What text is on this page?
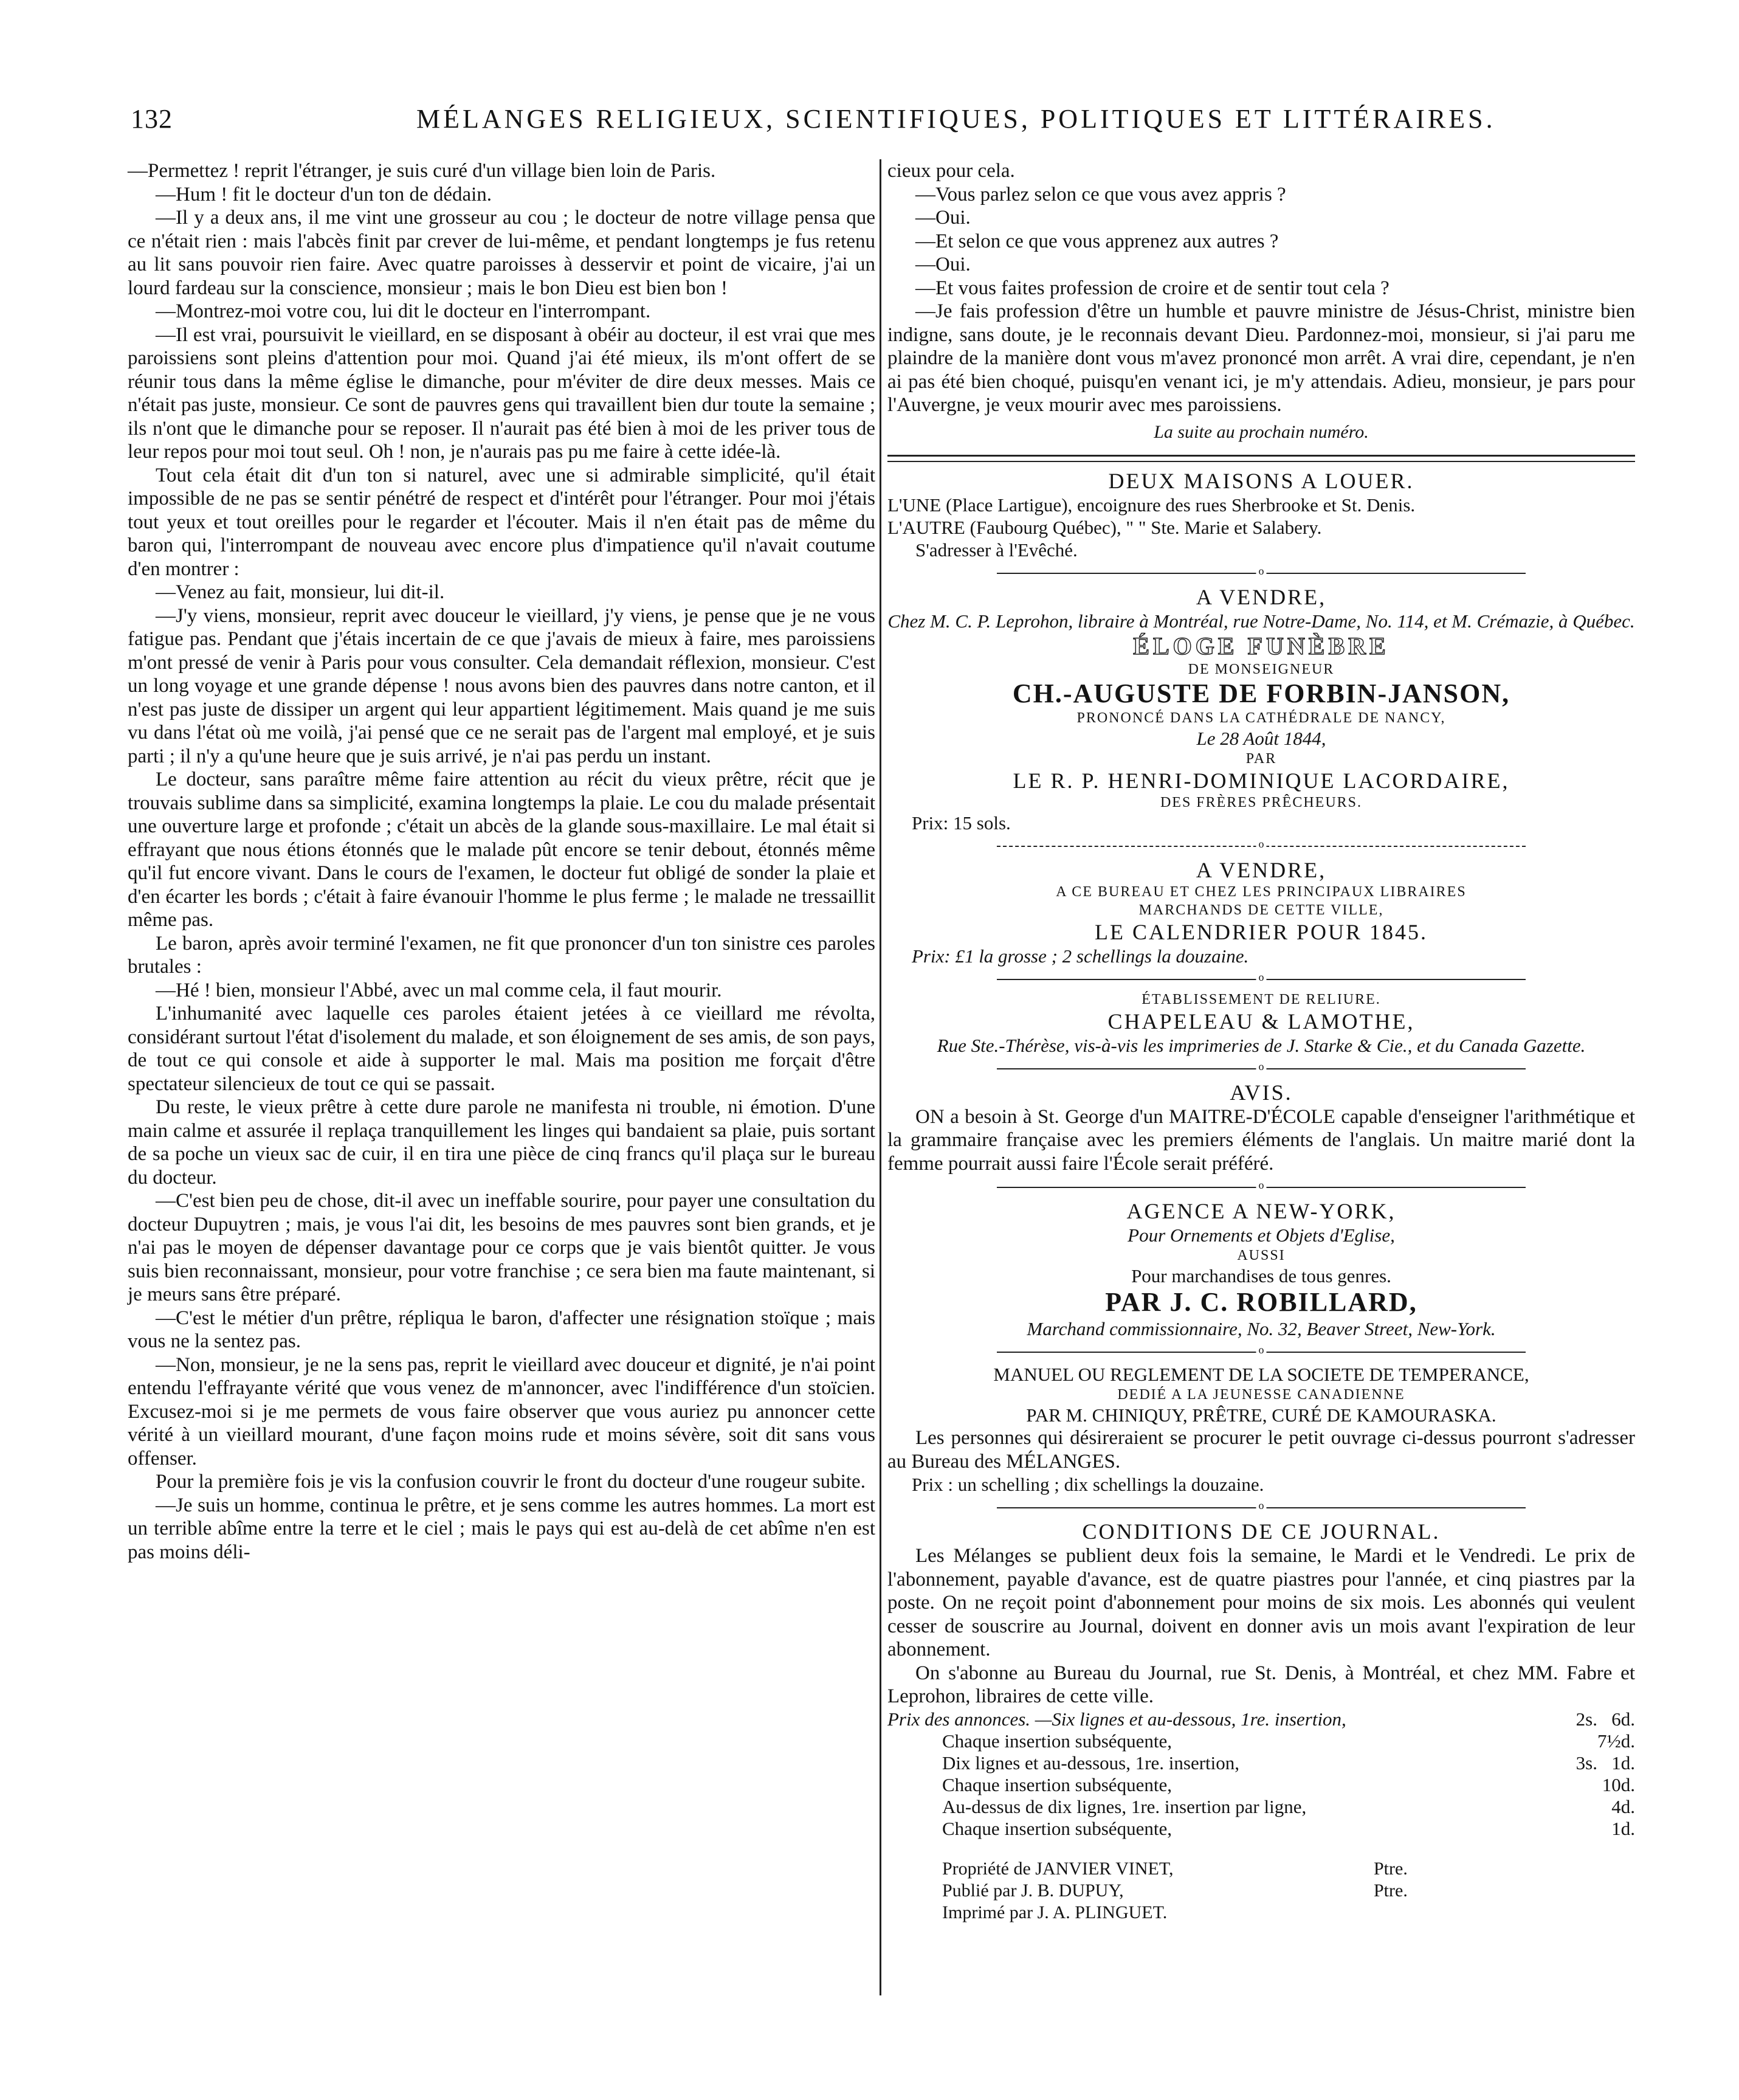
132	MÉLANGES RELIGIEUX, SCIENTIFIQUES, POLITIQUES ET LITTÉRAIRES.

—Permettez ! reprit l'étranger, je suis curé d'un village bien loin de Paris.

—Hum ! fit le docteur d'un ton de dédain.

—Il y a deux ans, il me vint une grosseur au cou ; le docteur de notre village pensa que ce n'était rien : mais l'abcès finit par crever de lui-même, et pendant longtemps je fus retenu au lit sans pouvoir rien faire. Avec quatre paroisses à desservir et point de vicaire, j'ai un lourd fardeau sur la conscience, monsieur ; mais le bon Dieu est bien bon !

—Montrez-moi votre cou, lui dit le docteur en l'interrompant.

—Il est vrai, poursuivit le vieillard, en se disposant à obéir au docteur, il est vrai que mes paroissiens sont pleins d'attention pour moi. Quand j'ai été mieux, ils m'ont offert de se réunir tous dans la même église le dimanche, pour m'éviter de dire deux messes. Mais ce n'était pas juste, monsieur. Ce sont de pauvres gens qui travaillent bien dur toute la semaine ; ils n'ont que le dimanche pour se reposer. Il n'aurait pas été bien à moi de les priver tous de leur repos pour moi tout seul. Oh ! non, je n'aurais pas pu me faire à cette idée-là.

Tout cela était dit d'un ton si naturel, avec une si admirable simplicité, qu'il était impossible de ne pas se sentir pénétré de respect et d'intérêt pour l'étranger. Pour moi j'étais tout yeux et tout oreilles pour le regarder et l'écouter. Mais il n'en était pas de même du baron qui, l'interrompant de nouveau avec encore plus d'impatience qu'il n'avait coutume d'en montrer :

—Venez au fait, monsieur, lui dit-il.

—J'y viens, monsieur, reprit avec douceur le vieillard, j'y viens, je pense que je ne vous fatigue pas. Pendant que j'étais incertain de ce que j'avais de mieux à faire, mes paroissiens m'ont pressé de venir à Paris pour vous consulter. Cela demandait réflexion, monsieur. C'est un long voyage et une grande dépense ! nous avons bien des pauvres dans notre canton, et il n'est pas juste de dissiper un argent qui leur appartient légitimement. Mais quand je me suis vu dans l'état où me voilà, j'ai pensé que ce ne serait pas de l'argent mal employé, et je suis parti ; il n'y a qu'une heure que je suis arrivé, je n'ai pas perdu un instant.

Le docteur, sans paraître même faire attention au récit du vieux prêtre, récit que je trouvais sublime dans sa simplicité, examina longtemps la plaie. Le cou du malade présentait une ouverture large et profonde ; c'était un abcès de la glande sous-maxillaire. Le mal était si effrayant que nous étions étonnés que le malade pût encore se tenir debout, étonnés même qu'il fut encore vivant. Dans le cours de l'examen, le docteur fut obligé de sonder la plaie et d'en écarter les bords ; c'était à faire évanouir l'homme le plus ferme ; le malade ne tressaillit même pas.

Le baron, après avoir terminé l'examen, ne fit que prononcer d'un ton sinistre ces paroles brutales :

—Hé ! bien, monsieur l'Abbé, avec un mal comme cela, il faut mourir.

L'inhumanité avec laquelle ces paroles étaient jetées à ce vieillard me révolta, considérant surtout l'état d'isolement du malade, et son éloignement de ses amis, de son pays, de tout ce qui console et aide à supporter le mal. Mais ma position me forçait d'être spectateur silencieux de tout ce qui se passait.

Du reste, le vieux prêtre à cette dure parole ne manifesta ni trouble, ni émotion. D'une main calme et assurée il replaça tranquillement les linges qui bandaient sa plaie, puis sortant de sa poche un vieux sac de cuir, il en tira une pièce de cinq francs qu'il plaça sur le bureau du docteur.

—C'est bien peu de chose, dit-il avec un ineffable sourire, pour payer une consultation du docteur Dupuytren ; mais, je vous l'ai dit, les besoins de mes pauvres sont bien grands, et je n'ai pas le moyen de dépenser davantage pour ce corps que je vais bientôt quitter. Je vous suis bien reconnaissant, monsieur, pour votre franchise ; ce sera bien ma faute maintenant, si je meurs sans être préparé.

—C'est le métier d'un prêtre, répliqua le baron, d'affecter une résignation stoïque ; mais vous ne la sentez pas.

—Non, monsieur, je ne la sens pas, reprit le vieillard avec douceur et dignité, je n'ai point entendu l'effrayante vérité que vous venez de m'annoncer, avec l'indifférence d'un stoïcien. Excusez-moi si je me permets de vous faire observer que vous auriez pu annoncer cette vérité à un vieillard mourant, d'une façon moins rude et moins sévère, soit dit sans vous offenser.

Pour la première fois je vis la confusion couvrir le front du docteur d'une rougeur subite.

—Je suis un homme, continua le prêtre, et je sens comme les autres hommes. La mort est un terrible abîme entre la terre et le ciel ; mais le pays qui est au-delà de cet abîme n'en est pas moins déli-

cieux pour cela.

—Vous parlez selon ce que vous avez appris ?

—Oui.

—Et selon ce que vous apprenez aux autres ?

—Oui.

—Et vous faites profession de croire et de sentir tout cela ?

—Je fais profession d'être un humble et pauvre ministre de Jésus-Christ, ministre bien indigne, sans doute, je le reconnais devant Dieu. Pardonnez-moi, monsieur, si j'ai paru me plaindre de la manière dont vous m'avez prononcé mon arrêt. A vrai dire, cependant, je n'en ai pas été bien choqué, puisqu'en venant ici, je m'y attendais. Adieu, monsieur, je pars pour l'Auvergne, je veux mourir avec mes paroissiens.

La suite au prochain numéro.
DEUX MAISONS A LOUER.
L'UNE (Place Lartigue), encoignure des rues Sherbrooke et St. Denis.
L'AUTRE (Faubourg Québec), " " Ste. Marie et Salabery.
S'adresser à l'Evêché.
o
A VENDRE,
Chez M. C. P. Leprohon, libraire à Montréal, rue Notre-Dame, No. 114, et M. Crémazie, à Québec.
ÉLOGE FUNÈBRE
DE MONSEIGNEUR
CH.-AUGUSTE DE FORBIN-JANSON,
PRONONCÉ DANS LA CATHÉDRALE DE NANCY,
Le 28 Août 1844,
PAR
LE R. P. HENRI-DOMINIQUE LACORDAIRE,
DES FRÈRES PRÊCHEURS.
Prix: 15 sols.
o
A VENDRE,
A CE BUREAU ET CHEZ LES PRINCIPAUX LIBRAIRES
MARCHANDS DE CETTE VILLE,
LE CALENDRIER POUR 1845.
Prix: £1 la grosse ; 2 schellings la douzaine.
o
ÉTABLISSEMENT DE RELIURE.
CHAPELEAU & LAMOTHE,
Rue Ste.-Thérèse, vis-à-vis les imprimeries de J. Starke & Cie., et du Canada Gazette.
o
AVIS.
ON a besoin à St. George d'un MAITRE-D'ÉCOLE capable d'enseigner l'arithmétique et la grammaire française avec les premiers éléments de l'anglais. Un maitre marié dont la femme pourrait aussi faire l'École serait préféré.
o
AGENCE A NEW-YORK,
Pour Ornements et Objets d'Eglise,
AUSSI
Pour marchandises de tous genres.
PAR J. C. ROBILLARD,
Marchand commissionnaire, No. 32, Beaver Street, New-York.
o
MANUEL OU REGLEMENT DE LA SOCIETE DE TEMPERANCE,
DEDIÉ A LA JEUNESSE CANADIENNE
PAR M. CHINIQUY, PRÊTRE, CURÉ DE KAMOURASKA.
Les personnes qui désireraient se procurer le petit ouvrage ci-dessus pourront s'adresser au Bureau des MÉLANGES.
Prix : un schelling ; dix schellings la douzaine.
o
CONDITIONS DE CE JOURNAL.
Les Mélanges se publient deux fois la semaine, le Mardi et le Vendredi. Le prix de l'abonnement, payable d'avance, est de quatre piastres pour l'année, et cinq piastres par la poste. On ne reçoit point d'abonnement pour moins de six mois. Les abonnés qui veulent cesser de souscrire au Journal, doivent en donner avis un mois avant l'expiration de leur abonnement.
On s'abonne au Bureau du Journal, rue St. Denis, à Montréal, et chez MM. Fabre et Leprohon, libraires de cette ville.
Prix des annonces. —Six lignes et au-dessous, 1re. insertion,	2s.	6d.
Chaque insertion subséquente,		7½d.
Dix lignes et au-dessous, 1re. insertion,	3s.	1d.
Chaque insertion subséquente,		10d.
Au-dessus de dix lignes, 1re. insertion par ligne,		4d.
Chaque insertion subséquente,		1d.
Propriété de JANVIER VINET,	Ptre.
Publié par J. B. DUPUY,	Ptre.
Imprimé par J. A. PLINGUET.
